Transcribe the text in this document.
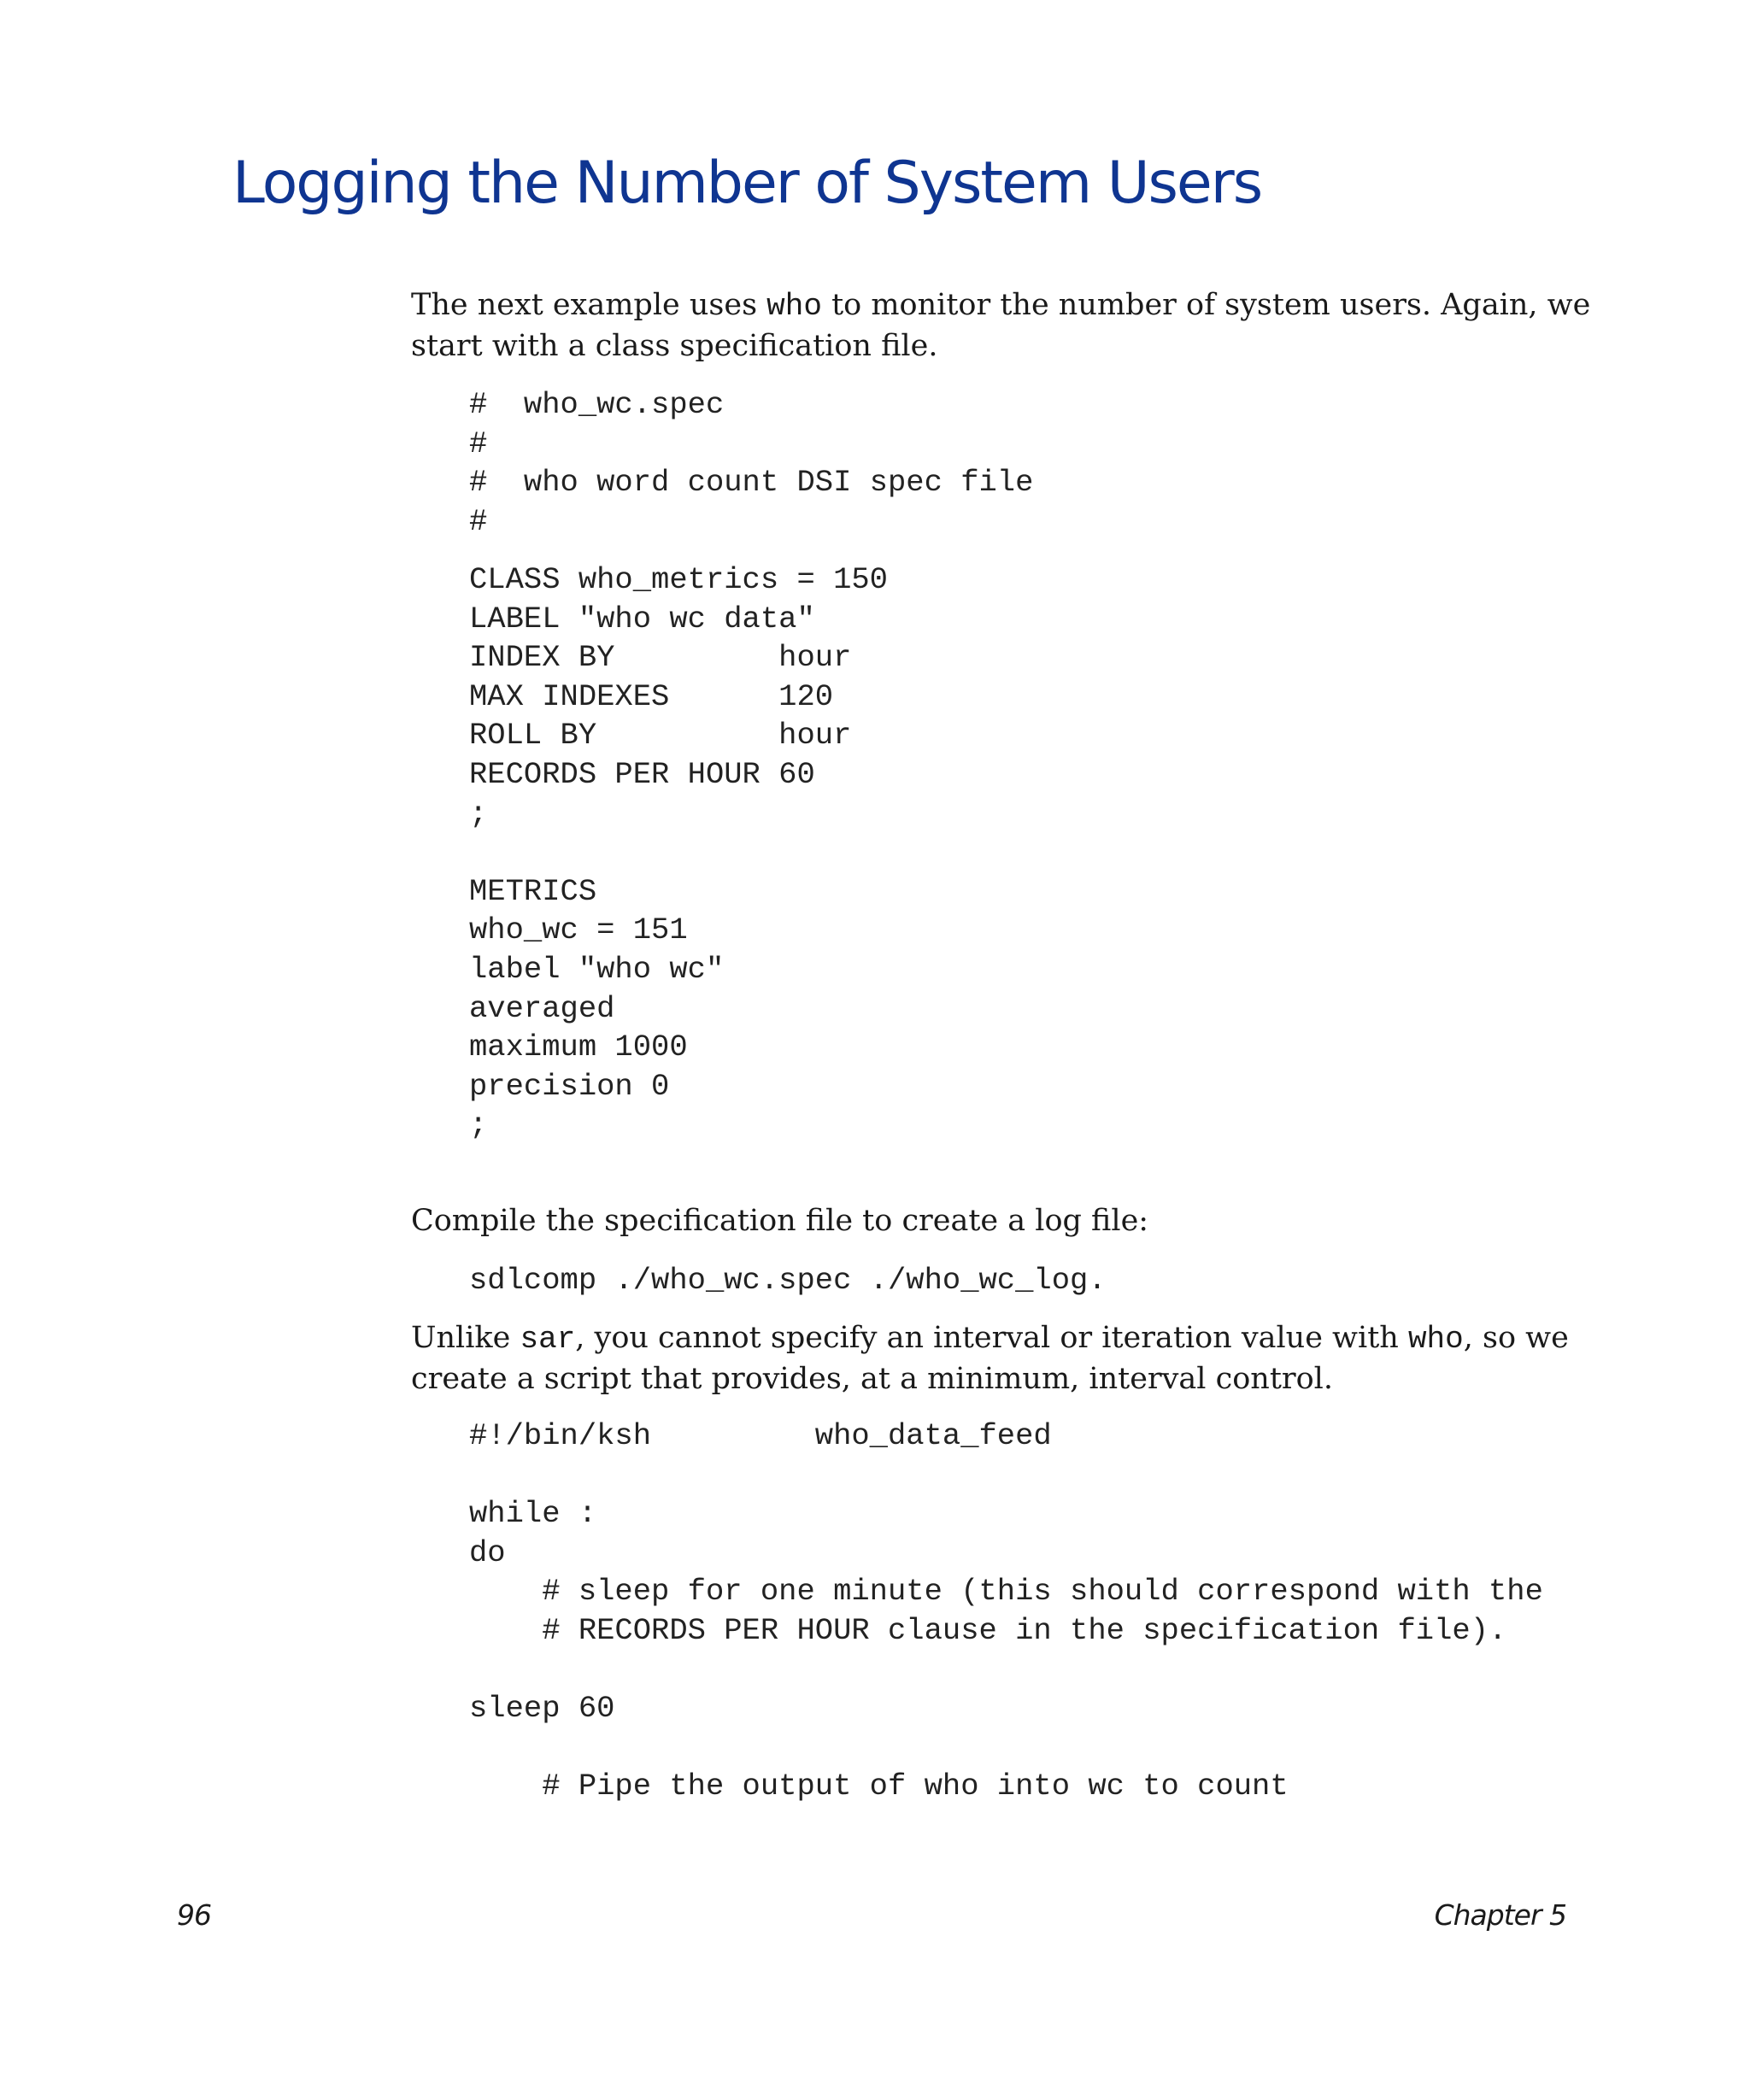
Logging the Number of System Users

The next example uses who to monitor the number of system users. Again, we
start with a class specification file.

#  who_wc.spec
#
#  who word count DSI spec file
#
CLASS who_metrics = 150
LABEL "who wc data"
INDEX BY         hour
MAX INDEXES      120
ROLL BY          hour
RECORDS PER HOUR 60
;
METRICS
who_wc = 151
label "who wc"
averaged
maximum 1000
precision 0
;

Compile the specification file to create a log file:

sdlcomp ./who_wc.spec ./who_wc_log.

Unlike sar, you cannot specify an interval or iteration value with who, so we
create a script that provides, at a minimum, interval control.

#!/bin/ksh         who_data_feed
while :
do
# sleep for one minute (this should correspond with the
# RECORDS PER HOUR clause in the specification file).
sleep 60
# Pipe the output of who into wc to count
96	Chapter 5
